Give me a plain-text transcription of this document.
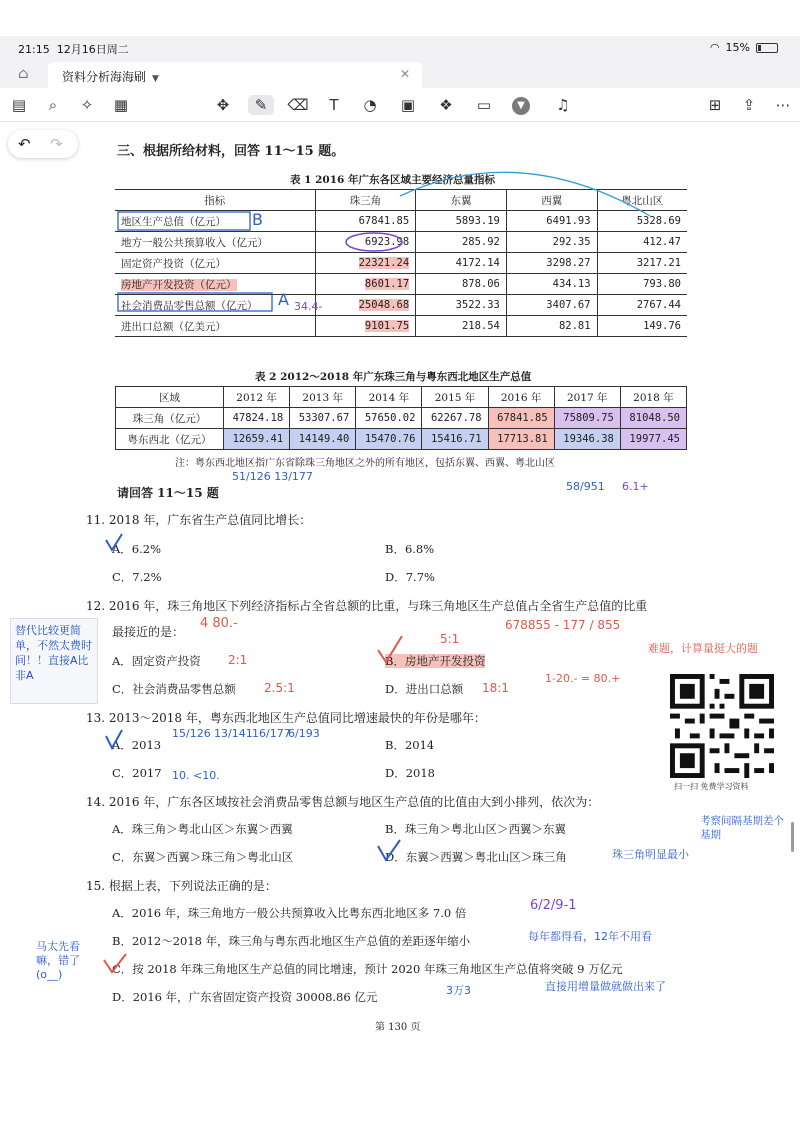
21:15 12月16日周二	◠ 15%
⌂	资料分析海海刷 ▼	✕
▤	⌕	✧	▦	✥	✎	⌫	T	◔ ▣ ❖ ▭	▼	♫	⊞	⇪	⋯
↶ ↷	三、根据所给材料，回答 11～15 题。
表 1 2016 年广东各区域主要经济总量指标
指标	珠三角	东翼	西翼	粤北山区
地区生产总值（亿元）	67841.85	5893.19	6491.93	5328.69
地方一般公共预算收入（亿元）	6923.98	285.92	292.35	412.47
固定资产投资（亿元）	22321.24	4172.14	3298.27	3217.21
房地产开发投资（亿元）	8601.17	878.06	434.13	793.80
社会消费品零售总额（亿元）	25048.68	3522.33	3407.67	2767.44
进出口总额（亿美元）	9101.75	218.54	82.81	149.76
表 2 2012～2018 年广东珠三角与粤东西北地区生产总值
区域	2012 年	2013 年	2014 年	2015 年	2016 年	2017 年	2018 年
珠三角（亿元）	47824.18	53307.67	57650.02	62267.78	67841.85	75809.75	81048.50
粤东西北（亿元）	12659.41	14149.40	15470.76	15416.71	17713.81	19346.38	19977.45
注：粤东西北地区指广东省除珠三角地区之外的所有地区，包括东翼、西翼、粤北山区
请回答 11～15 题
11. 2018 年，广东省生产总值同比增长：
A．6.2%	B．6.8%
C．7.2%	D．7.7%
12. 2016 年，珠三角地区下列经济指标占全省总额的比重，与珠三角地区生产总值占全省生产总值的比重
最接近的是：
A．固定资产投资	B．房地产开发投资
C．社会消费品零售总额	D．进出口总额
13. 2013～2018 年，粤东西北地区生产总值同比增速最快的年份是哪年：
A．2013	B．2014
C．2017	D．2018
14. 2016 年，广东各区域按社会消费品零售总额与地区生产总值的比值由大到小排列，依次为：
A．珠三角＞粤北山区＞东翼＞西翼	B．珠三角＞粤北山区＞西翼＞东翼
C．东翼＞西翼＞珠三角＞粤北山区	D．东翼＞西翼＞粤北山区＞珠三角
15. 根据上表，下列说法正确的是：
A．2016 年，珠三角地方一般公共预算收入比粤东西北地区多 7.0 倍
B．2012～2018 年，珠三角与粤东西北地区生产总值的差距逐年缩小
C．按 2018 年珠三角地区生产总值的同比增速，预计 2020 年珠三角地区生产总值将突破 9 万亿元
D．2016 年，广东省固定资产投资 30008.86 亿元
第 130 页
B
A 34.4-
51/126 13/177
58/951 6.1+
替代比较更简单，不然太费时间！！直接A比非A
4 80.-
2:1
5:1
2.5:1	18:1
678855 - 177 / 855
1-20.- = 80.+
难题，计算量挺大的题
15/126 13/141 16/177
6/193
10. <10.
考察间隔基期差个基期
珠三角明显最小
6/2/9-1
每年都得看，12年不用看
马太先看嘛，错了(o__)
3万3	直接用增量做就做出来了
扫一扫 免费学习资料
